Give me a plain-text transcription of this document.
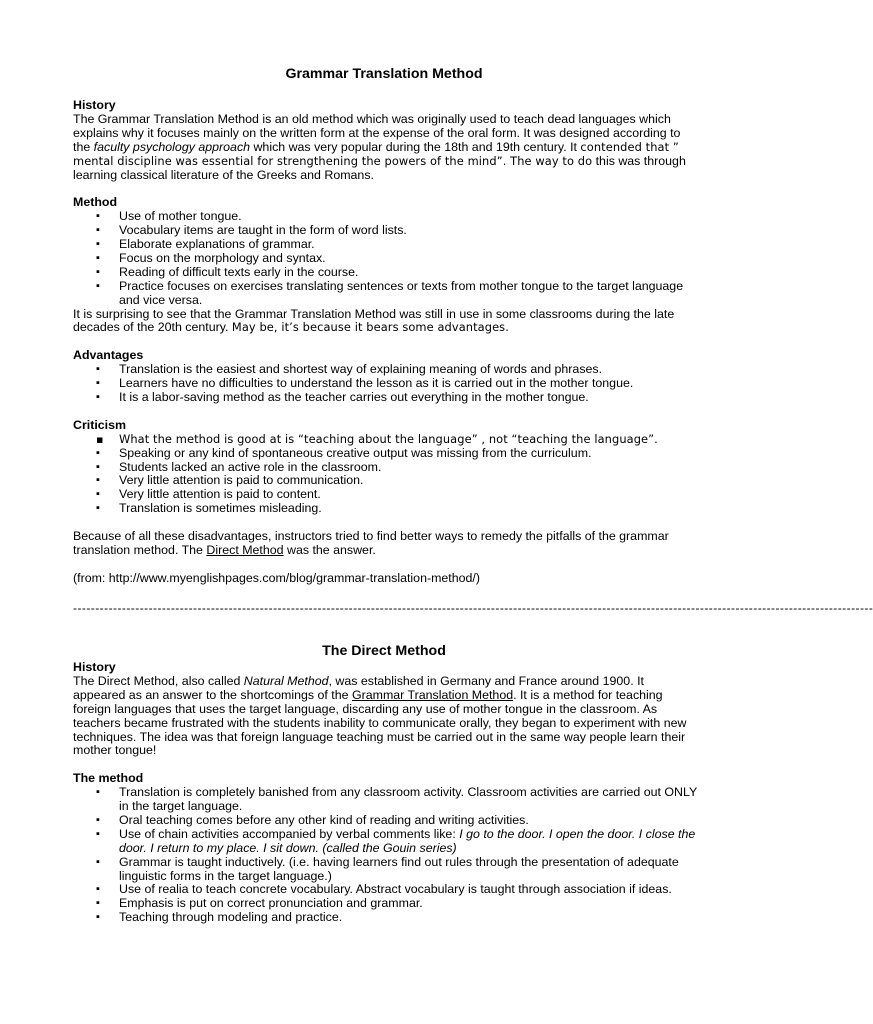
Grammar Translation Method

History

The Grammar Translation Method is an old method which was originally used to teach dead languages which explains why it focuses mainly on the written form at the expense of the oral form. It was designed according to the faculty psychology approach which was very popular during the 18th and 19th century. It contended that ” mental discipline was essential for strengthening the powers of the mind”. The way to do this was through learning classical literature of the Greeks and Romans.

Method

▪ Use of mother tongue.
▪ Vocabulary items are taught in the form of word lists.
▪ Elaborate explanations of grammar.
▪ Focus on the morphology and syntax.
▪ Reading of difficult texts early in the course.
▪ Practice focuses on exercises translating sentences or texts from mother tongue to the target language and vice versa.

It is surprising to see that the Grammar Translation Method was still in use in some classrooms during the late decades of the 20th century. May be, it’s because it bears some advantages.

Advantages

▪ Translation is the easiest and shortest way of explaining meaning of words and phrases.
▪ Learners have no difficulties to understand the lesson as it is carried out in the mother tongue.
▪ It is a labor-saving method as the teacher carries out everything in the mother tongue.

Criticism

▪ What the method is good at is “teaching about the language” , not “teaching the language”.
▪ Speaking or any kind of spontaneous creative output was missing from the curriculum.
▪ Students lacked an active role in the classroom.
▪ Very little attention is paid to communication.
▪ Very little attention is paid to content.
▪ Translation is sometimes misleading.

Because of all these disadvantages, instructors tried to find better ways to remedy the pitfalls of the grammar translation method. The Direct Method was the answer.

(from: http://www.myenglishpages.com/blog/grammar-translation-method/)

------------------------------------------------------------------------------------------------------------------------------------------------------------------------------------
The Direct Method

History

The Direct Method, also called Natural Method, was established in Germany and France around 1900. It appeared as an answer to the shortcomings of the Grammar Translation Method. It is a method for teaching foreign languages that uses the target language, discarding any use of mother tongue in the classroom. As teachers became frustrated with the students inability to communicate orally, they began to experiment with new techniques. The idea was that foreign language teaching must be carried out in the same way people learn their mother tongue!

The method

▪ Translation is completely banished from any classroom activity. Classroom activities are carried out ONLY in the target language.
▪ Oral teaching comes before any other kind of reading and writing activities.
▪ Use of chain activities accompanied by verbal comments like: I go to the door. I open the door. I close the door. I return to my place. I sit down. (called the Gouin series)
▪ Grammar is taught inductively. (i.e. having learners find out rules through the presentation of adequate linguistic forms in the target language.)
▪ Use of realia to teach concrete vocabulary. Abstract vocabulary is taught through association if ideas.
▪ Emphasis is put on correct pronunciation and grammar.
▪ Teaching through modeling and practice.
